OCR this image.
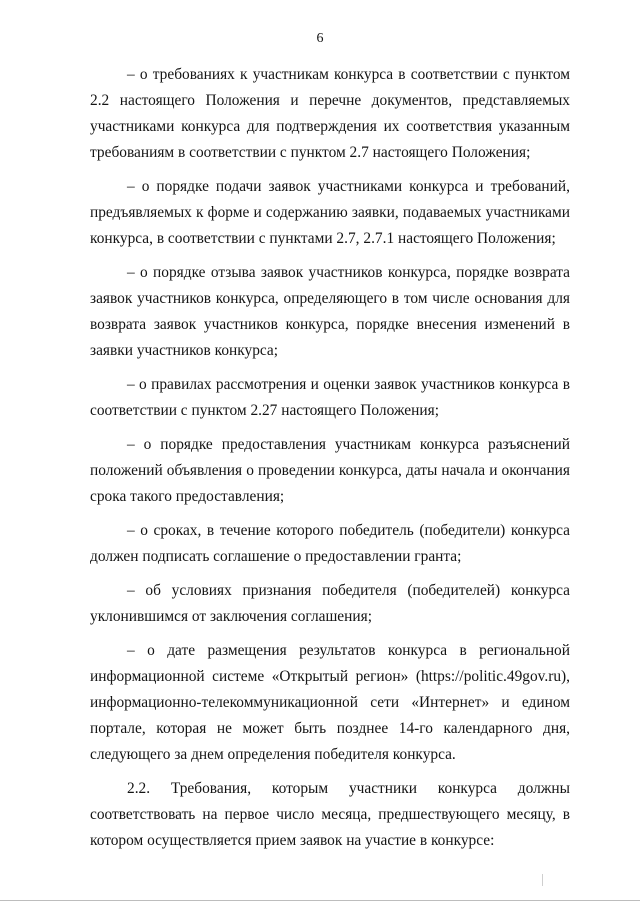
6

– о требованиях к участникам конкурса в соответствии с пунктом 2.2 настоящего Положения и перечне документов, представляемых участниками конкурса для подтверждения их соответствия указанным требованиям в соответствии с пунктом 2.7 настоящего Положения;

– о порядке подачи заявок участниками конкурса и требований, предъявляемых к форме и содержанию заявки, подаваемых участниками конкурса, в соответствии с пунктами 2.7, 2.7.1 настоящего Положения;

– о порядке отзыва заявок участников конкурса, порядке возврата заявок участников конкурса, определяющего в том числе основания для возврата заявок участников конкурса, порядке внесения изменений в заявки участников конкурса;

– о правилах рассмотрения и оценки заявок участников конкурса в соответствии с пунктом 2.27 настоящего Положения;

– о порядке предоставления участникам конкурса разъяснений положений объявления о проведении конкурса, даты начала и окончания срока такого предоставления;

– о сроках, в течение которого победитель (победители) конкурса должен подписать соглашение о предоставлении гранта;

– об условиях признания победителя (победителей) конкурса уклонившимся от заключения соглашения;

– о дате размещения результатов конкурса в региональной информационной системе «Открытый регион» (https://politic.49gov.ru), информационно-телекоммуникационной сети «Интернет» и едином портале, которая не может быть позднее 14-го календарного дня, следующего за днем определения победителя конкурса.

2.2. Требования, которым участники конкурса должны соответствовать на первое число месяца, предшествующего месяцу, в котором осуществляется прием заявок на участие в конкурсе:
